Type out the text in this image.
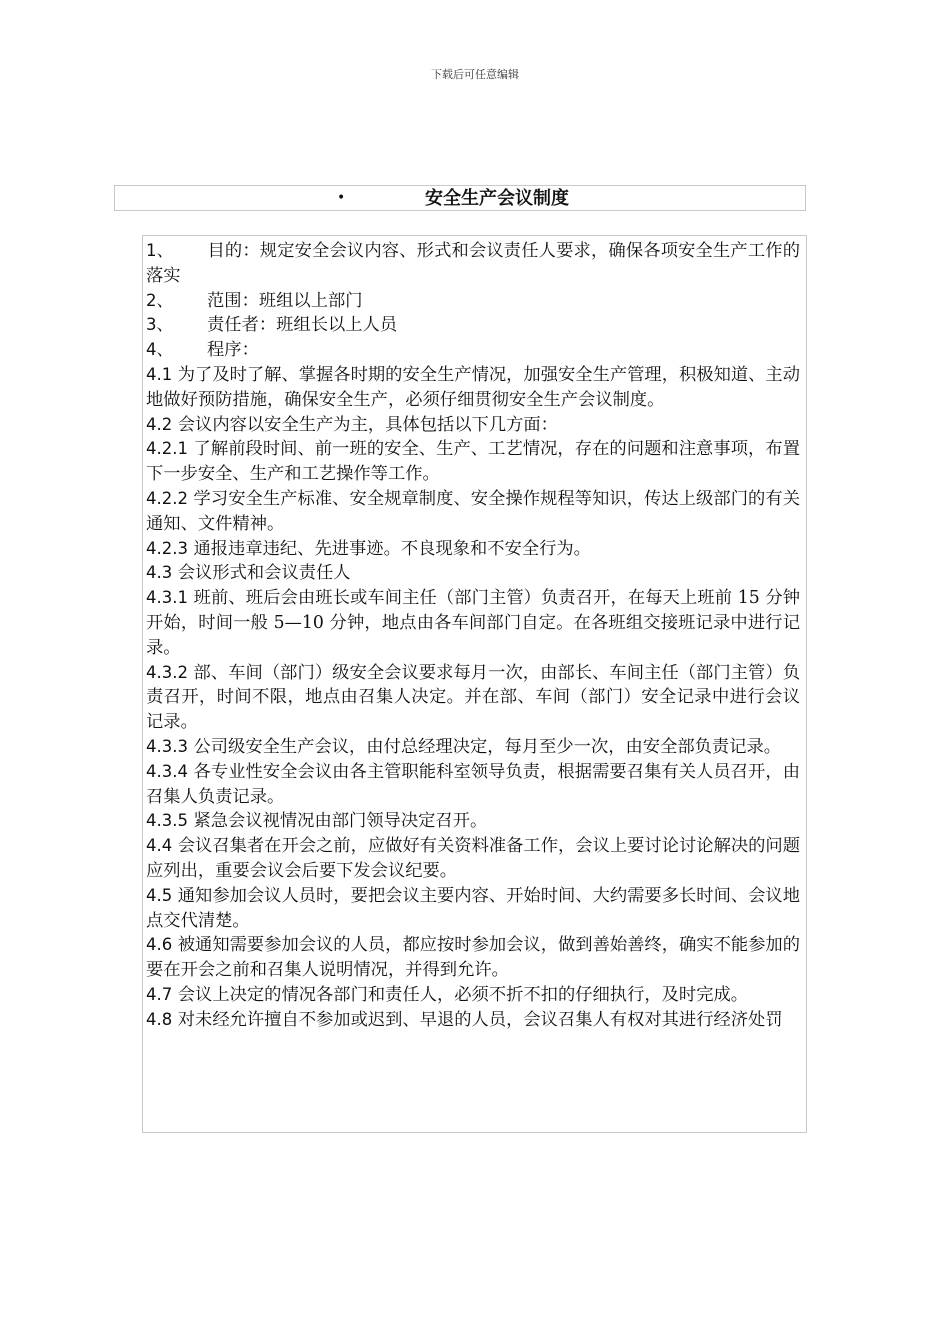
下载后可任意编辑
•	安全生产会议制度

1、 目的：规定安全会议内容、形式和会议责任人要求，确保各项安全生产工作的落实

2、 范围：班组以上部门

3、 责任者：班组长以上人员

4、 程序：

4.1 为了及时了解、掌握各时期的安全生产情况，加强安全生产管理，积极知道、主动地做好预防措施，确保安全生产，必须仔细贯彻安全生产会议制度。

4.2 会议内容以安全生产为主，具体包括以下几方面：

4.2.1 了解前段时间、前一班的安全、生产、工艺情况，存在的问题和注意事项，布置下一步安全、生产和工艺操作等工作。

4.2.2 学习安全生产标准、安全规章制度、安全操作规程等知识，传达上级部门的有关通知、文件精神。

4.2.3 通报违章违纪、先进事迹。不良现象和不安全行为。

4.3 会议形式和会议责任人

4.3.1 班前、班后会由班长或车间主任（部门主管）负责召开，在每天上班前 15 分钟开始，时间一般 5—10 分钟，地点由各车间部门自定。在各班组交接班记录中进行记录。

4.3.2 部、车间（部门）级安全会议要求每月一次，由部长、车间主任（部门主管）负责召开，时间不限，地点由召集人决定。并在部、车间（部门）安全记录中进行会议记录。

4.3.3 公司级安全生产会议，由付总经理决定，每月至少一次，由安全部负责记录。

4.3.4 各专业性安全会议由各主管职能科室领导负责，根据需要召集有关人员召开，由召集人负责记录。

4.3.5 紧急会议视情况由部门领导决定召开。

4.4 会议召集者在开会之前，应做好有关资料准备工作，会议上要讨论讨论解决的问题应列出，重要会议会后要下发会议纪要。

4.5 通知参加会议人员时，要把会议主要内容、开始时间、大约需要多长时间、会议地点交代清楚。

4.6 被通知需要参加会议的人员，都应按时参加会议，做到善始善终，确实不能参加的要在开会之前和召集人说明情况，并得到允许。

4.7 会议上决定的情况各部门和责任人，必须不折不扣的仔细执行，及时完成。

4.8 对未经允许擅自不参加或迟到、早退的人员，会议召集人有权对其进行经济处罚
